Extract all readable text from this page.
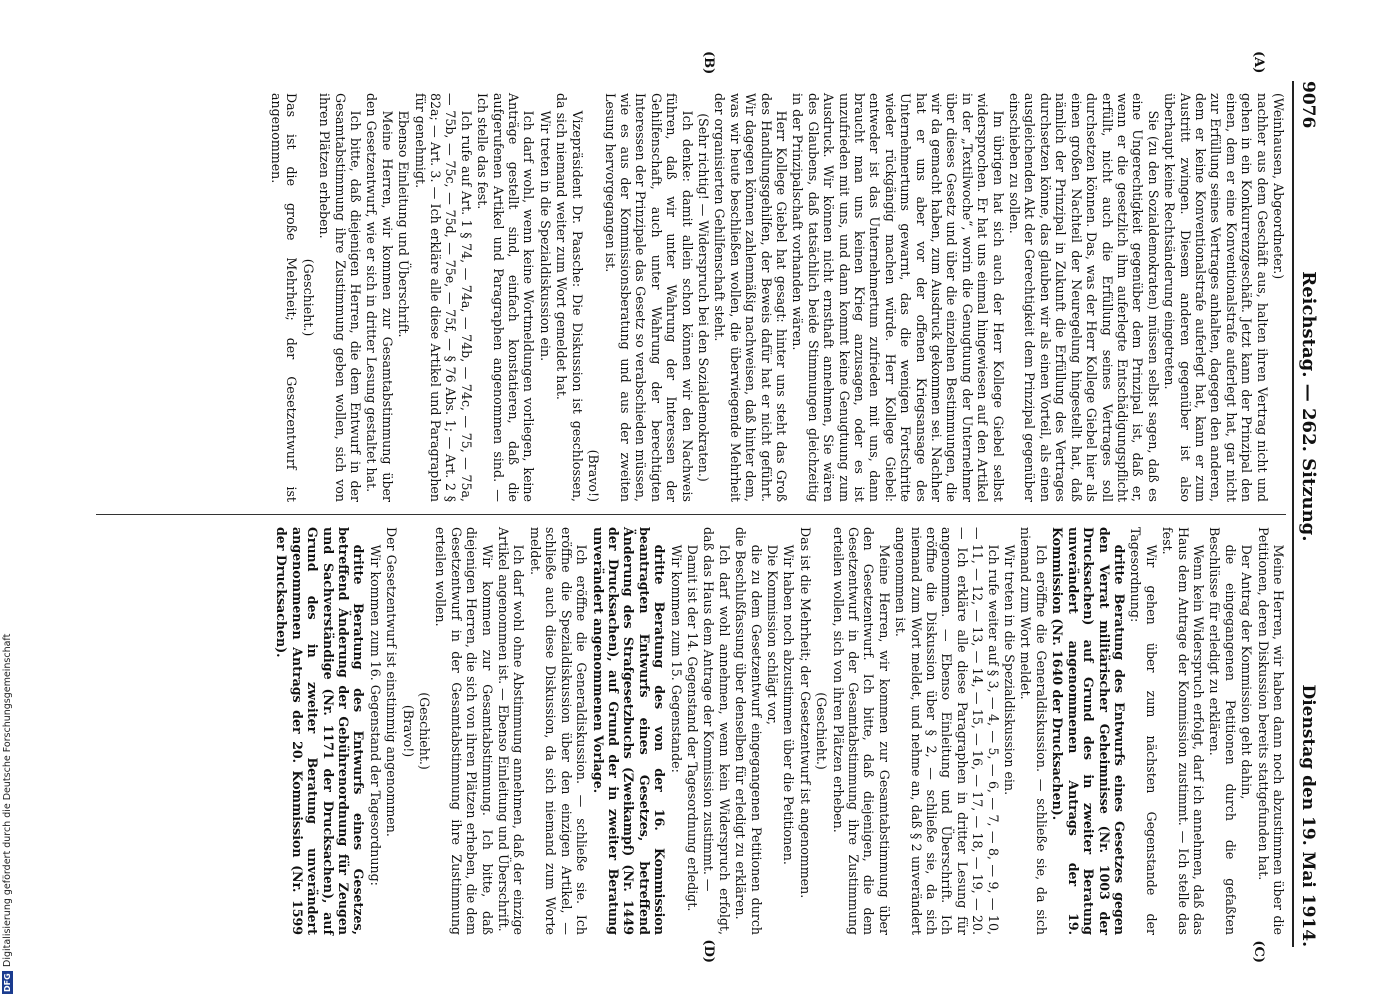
9076
Reichstag. — 262. Sitzung.
Dienstag den 19. Mai 1914.
(A)
(B)
(C)
(D)

(Weinhausen, Abgeordneter.)

nachher aus dem Geschäft aus, halten ihren Vertrag nicht und gehen in ein Konkurrenzgeschäft. Jetzt kann der Prinzipal den einen, dem er eine Konventionalstrafe auferlegt hat, gar nicht zur Erfüllung seines Vertrages anhalten, dagegen den anderen, dem er keine Konventionalstrafe auferlegt hat, kann er zum Austritt zwingen. Diesem anderen gegenüber ist also überhaupt keine Rechtsänderung eingetreten.

Sie (zu den Sozialdemokraten) müssen selbst sagen, daß es eine Ungerechtigkeit gegenüber dem Prinzipal ist, daß er, wenn er die gesetzlich ihm auferlegte Entschädigungspflicht erfüllt, nicht auch die Erfüllung seines Vertrages soll durchsetzen können. Das, was der Herr Kollege Giebel hier als einen großen Nachteil der Neuregelung hingestellt hat, daß nämlich der Prinzipal in Zukunft die Erfüllung des Vertrages durchsetzen könne, das glauben wir als einen Vorteil, als einen ausgleichenden Akt der Gerechtigkeit dem Prinzipal gegenüber einschieben zu sollen.

Im übrigen hat sich auch der Herr Kollege Giebel selbst widersprochen. Er hat uns einmal hingewiesen auf den Artikel in der „Textilwoche“, worin die Genugtuung der Unternehmer über dieses Gesetz und über die einzelnen Bestimmungen, die wir da gemacht haben, zum Ausdruck gekommen sei. Nachher hat er uns aber vor der offenen Kriegsansage des Unternehmertums gewarnt, das die wenigen Fortschritte wieder rückgängig machen würde. Herr Kollege Giebel: entweder ist das Unternehmertum zufrieden mit uns, dann braucht man uns keinen Krieg anzusagen, oder es ist unzufrieden mit uns, und dann kommt keine Genugtuung zum Ausdruck. Wir können nicht ernsthaft annehmen, Sie wären des Glaubens, daß tatsächlich beide Stimmungen gleichzeitig in der Prinzipalschaft vorhanden wären.

Herr Kollege Giebel hat gesagt: hinter uns steht das Groß des Handlungsgehilfen, der Beweis dafür hat er nicht geführt. Wir dagegen können zahlenmäßig nachweisen, daß hinter dem, was wir heute beschließen wollen, die überwiegende Mehrheit der organisierten Gehilfenschaft steht.

(Sehr richtig! — Widerspruch bei den Sozialdemokraten.)

Ich denke: damit allein schon können wir den Nachweis führen, daß wir unter Wahrung der Interessen der Gehilfenschaft, auch unter Wahrung der berechtigten Interessen der Prinzipale das Gesetz so verabschieden müssen, wie es aus der Kommissionsberatung und aus der zweiten Lesung hervorgegangen ist.

(Bravo!)

Vizepräsident Dr. Paasche: Die Diskussion ist geschlossen, da sich niemand weiter zum Wort gemeldet hat.

Wir treten in die Spezialdiskussion ein.

Ich darf wohl, wenn keine Wortmeldungen vorliegen, keine Anträge gestellt sind, einfach konstatieren, daß die aufgerufenen Artikel und Paragraphen angenommen sind. — Ich stelle das fest.

Ich rufe auf Art. 1 § 74, — 74a, — 74b, — 74c, — 75, — 75a, — 75b, — 75c, — 75d, — 75e, — 75f, — § 76 Abs. 1; — Art. 2 § 82a; — Art. 3. — Ich erkläre alle diese Artikel und Paragraphen für genehmigt.

Ebenso Einleitung und Überschrift.

Meine Herren, wir kommen zur Gesamtabstimmung über den Gesetzentwurf, wie er sich in dritter Lesung gestaltet hat.

Ich bitte, daß diejenigen Herren, die dem Entwurf in der Gesamtabstimmung ihre Zustimmung geben wollen, sich von ihren Plätzen erheben.

(Geschieht.)

Das ist die große Mehrheit; der Gesetzentwurf ist angenommen.

Meine Herren, wir haben dann noch abzustimmen über die Petitionen, deren Diskussion bereits stattgefunden hat.

Der Antrag der Kommission geht dahin,

die eingegangenen Petitionen durch die gefaßten Beschlüsse für erledigt zu erklären.

Wenn kein Widerspruch erfolgt, darf ich annehmen, daß das Haus dem Antrage der Kommission zustimmt. — Ich stelle das fest.

Wir gehen über zum nächsten Gegenstande der Tagesordnung:

dritte Beratung des Entwurfs eines Gesetzes gegen den Verrat militärischer Geheimnisse (Nr. 1003 der Drucksachen) auf Grund des in zweiter Beratung unverändert angenommenen Antrags der 19. Kommission (Nr. 1640 der Drucksachen).

Ich eröffne die Generaldiskussion. — schließe sie, da sich niemand zum Wort meldet.

Wir treten in die Spezialdiskussion ein.

Ich rufe weiter auf § 3, — 4, — 5, — 6, — 7, — 8, — 9, — 10, — 11, — 12, — 13, — 14, — 15, — 16, — 17, — 18, — 19, — 20. — Ich erkläre alle diese Paragraphen in dritter Lesung für angenommen. — Ebenso Einleitung und Überschrift. Ich eröffne die Diskussion über § 2, — schließe sie, da sich niemand zum Wort meldet, und nehme an, daß § 2 unverändert angenommen ist.

Meine Herren, wir kommen zur Gesamtabstimmung über den Gesetzentwurf. Ich bitte, daß diejenigen, die dem Gesetzentwurf in der Gesamtabstimmung ihre Zustimmung erteilen wollen, sich von ihren Plätzen erheben.

(Geschieht.)

Das ist die Mehrheit; der Gesetzentwurf ist angenommen.

Wir haben noch abzustimmen über die Petitionen.

Die Kommission schlägt vor,

die zu dem Gesetzentwurf eingegangenen Petitionen durch die Beschlußfassung über denselben für erledigt zu erklären.

Ich darf wohl annehmen, wenn kein Widerspruch erfolgt, daß das Haus dem Antrage der Kommission zustimmt. —

Damit ist der 14. Gegenstand der Tagesordnung erledigt.

Wir kommen zum 15. Gegenstande:

dritte Beratung des von der 16. Kommission beantragten Entwurfs eines Gesetzes, betreffend Änderung des Strafgesetzbuchs (Zweikampf) (Nr. 1449 der Drucksachen), auf Grund der in zweiter Beratung unverändert angenommenen Vorlage.

Ich eröffne die Generaldiskussion. — schließe sie. Ich eröffne die Spezialdiskussion über den einzigen Artikel, — schließe auch diese Diskussion, da sich niemand zum Worte meldet.

Ich darf wohl ohne Abstimmung annehmen, daß der einzige Artikel angenommen ist. — Ebenso Einleitung und Überschrift.

Wir kommen zur Gesamtabstimmung. Ich bitte, daß diejenigen Herren, die sich von ihren Plätzen erheben, die dem Gesetzentwurf in der Gesamtabstimmung ihre Zustimmung erteilen wollen.

(Geschieht.)

(Bravo!)

Der Gesetzentwurf ist einstimmig angenommen.

Wir kommen zum 16. Gegenstand der Tagesordnung:

dritte Beratung des Entwurfs eines Gesetzes, betreffend Änderung der Gebührenordnung für Zeugen und Sachverständige (Nr. 1171 der Drucksachen), auf Grund des in zweiter Beratung unverändert angenommenen Antrags der 20. Kommission (Nr. 1599 der Drucksachen).

DFG
Digitalisierung gefördert durch die Deutsche Forschungsgemeinschaft
